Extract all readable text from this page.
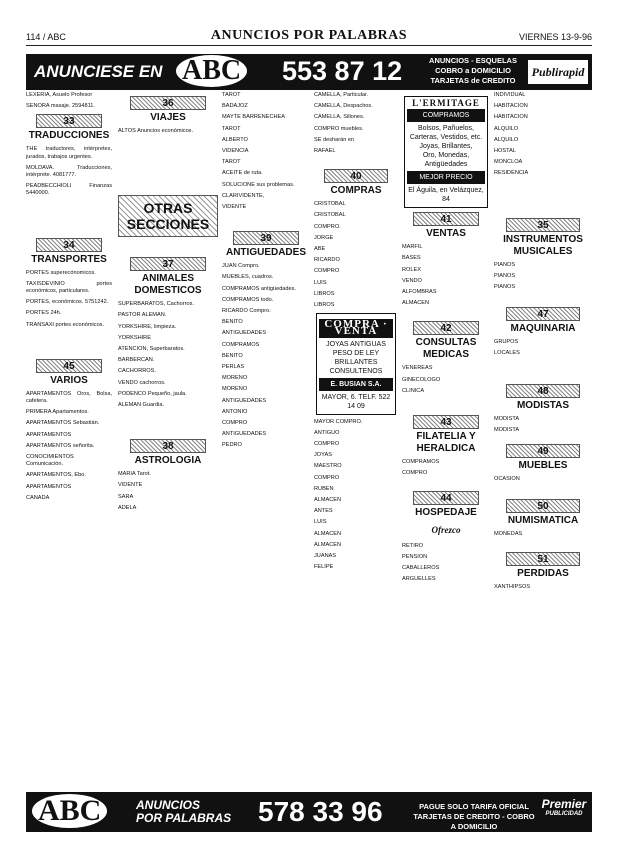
114 / ABC	ANUNCIOS POR PALABRAS	VIERNES 13-9-96
ANUNCIESE EN ABC 553 87 12	ANUNCIOS - ESQUELAS
COBRO a DOMICILIO
TARJETAS de CREDITO
Publirapid

LEXERIA, Asuelo Profesor

SENORA masaje. 2594811.

33
TRADUCCIONES

THE traductores, intérpretes, jurados, trabajos urgentes.

MOLDAVA. Traducciones, intérprete. 4081777.

PEADBECCHIOLI Finanzas 5440000.

34
TRANSPORTES

PORTES superecónomicos.

TAXISDEVINIO portes económicos, particulares.

PORTES, económicos. 5751242.

PORTES 24h.

TRANSAXI portes económicos.

45
VARIOS

APARTAMENTOS Oros, Bolsa, cafetera.

PRIMERA Apartamentos.

APARTAMENTOS Sebastián.

APARTAMENTOS

APARTAMENTOS señorita.

CONOCIMIENTOS Comunicación.

APARTAMENTOS, Ebo.

APARTAMENTOS

CANADA

36
VIAJES

ALTOS Anuncios económicos.

OTRAS SECCIONES
37
ANIMALES DOMESTICOS

SUPERBARATOS, Cachorros.

PASTOR ALEMAN.

YORKSHIRE, limpieza.

YORKSHIRE

ATENCION, Superbaratos.

BARBERCAN.

CACHORROS.

VENDO cachorros.

PODENCO Pequeño, jaula.

ALEMAN Guardia.

38
ASTROLOGIA

MARIA Tarot.

VIDENTE

SARA

ADELA

TAROT

BADAJOZ

MAYTE BARRENECHEA

TAROT

ALBERTO

VIDENCIA

TAROT

ACEITE de ruta.

SOLUCIONE sus problemas.

CLARIVIDENTE,

VIDENTE

39
ANTIGUEDADES

JUAN Compro.

MUEBLES, cuadros.

COMPRAMOS antigüedades.

COMPRAMOS todo.

RICARDO Compro.

BENITO

ANTIGUEDADES

COMPRAMOS

BENITO

PERLAS

MORENO

MORENO

ANTIGUEDADES

ANTONIO

COMPRO

ANTIGUEDADES

PEDRO

CAMELLA, Particular.

CAMELLA, Despachos.

CAMELLA, Sillones.

COMPRO muebles.

SE desharán en

RAFAEL

40
COMPRAS

CRISTOBAL

CRISTOBAL

COMPRO.

JORGE

ABE

RICARDO

COMPRO

LUIS

LIBROS

LIBROS

COMPRA · VENTA
JOYAS ANTIGUAS
PESO DE LEY
BRILLANTES
CONSULTENOS
E. BUSIAN S.A.
MAYOR, 6. TELF. 522 14 09

MAYOR COMPRO.

ANTIGUO

COMPRO

JOYAS

MAESTRO

COMPRO

RUBEN

ALMACEN

ANTES

LUIS

ALMACEN

ALMACEN

JUANAS

FELIPE

L'ERMITAGE
COMPRAMOS
Bolsos, Pañuelos,
Carteras, Vestidos, etc.
Joyas, Brillantes,
Oro, Monedas,
Antigüedades
MEJOR PRECIO
El Águila, en Velázquez, 84
41
VENTAS

MARFIL

BASES

ROLEX

VENDO

ALFOMBRAS

ALMACEN

42
CONSULTAS MEDICAS

VENEREAS

GINECOLOGO

CLINICA

43
FILATELIA Y HERALDICA

COMPRAMOS

COMPRO

44
HOSPEDAJE
Ofrezco

RETIRO

PENSION

CABALLEROS

ARGUELLES

INDIVIDUAL

HABITACION

HABITACION

ALQUILO

ALQUILO

HOSTAL

MONCLOA

RESIDENCIA

35
INSTRUMENTOS MUSICALES

PIANOS

PIANOS

PIANOS

47
MAQUINARIA

GRUPOS

LOCALES

48
MODISTAS

MODISTA

MODISTA

49
MUEBLES

OCASION

50
NUMISMATICA

MONEDAS

51
PERDIDAS

XANTHIPSOS

ABC	ANUNCIOS
POR PALABRAS 578 33 96	PAGUE SOLO TARIFA OFICIAL
TARJETAS DE CREDITO - COBRO A DOMICILIO
Premier
PUBLICIDAD
